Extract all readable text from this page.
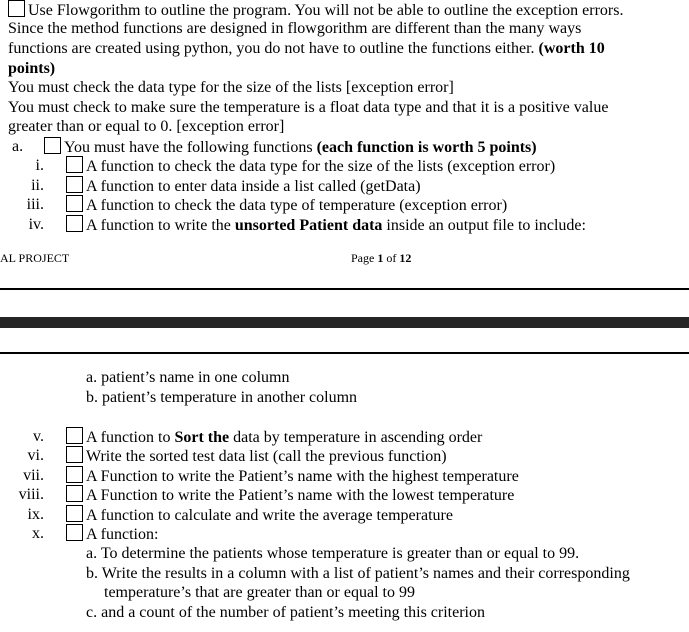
Use Flowgorithm to outline the program. You will not be able to outline the exception errors.
Since the method functions are designed in flowgorithm are different than the many ways
functions are created using python, you do not have to outline the functions either. (worth 10
points)
You must check the data type for the size of the lists [exception error]
You must check to make sure the temperature is a float data type and that it is a positive value
greater than or equal to 0. [exception error]
a.	You must have the following functions (each function is worth 5 points)
i.	A function to check the data type for the size of the lists (exception error)
ii.	A function to enter data inside a list called (getData)
iii.	A function to check the data type of temperature (exception error)
iv.	A function to write the unsorted Patient data inside an output file to include:
AL PROJECT	Page 1 of 12
a. patient’s name in one column
b. patient’s temperature in another column
v.	A function to Sort the data by temperature in ascending order
vi.	Write the sorted test data list (call the previous function)
vii.	A Function to write the Patient’s name with the highest temperature
viii.	A Function to write the Patient’s name with the lowest temperature
ix.	A function to calculate and write the average temperature
x.	A function:
a. To determine the patients whose temperature is greater than or equal to 99.
b. Write the results in a column with a list of patient’s names and their corresponding
temperature’s that are greater than or equal to 99
c. and a count of the number of patient’s meeting this criterion
